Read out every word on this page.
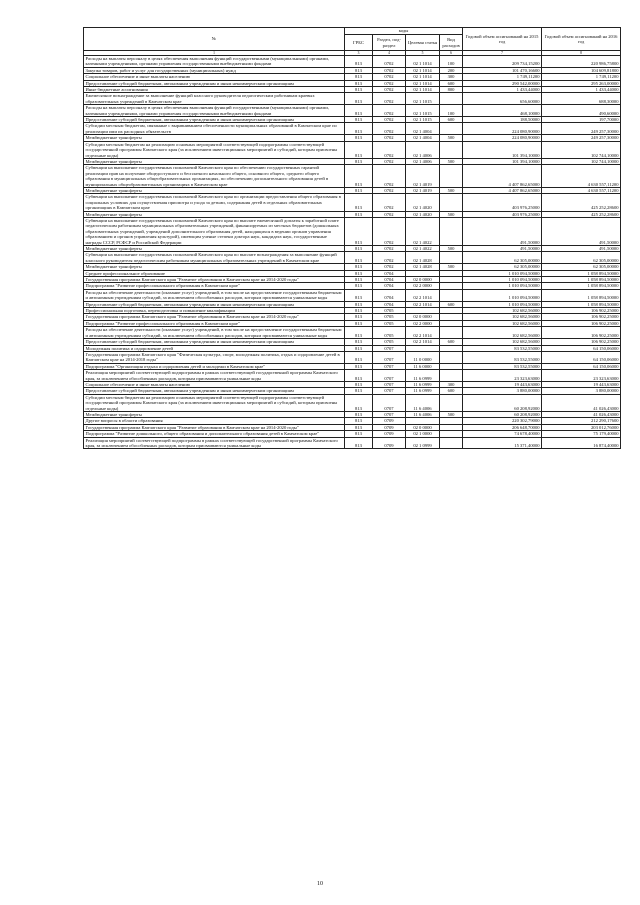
№	коды				Годовой объем ассигнований на 2015 год	Годовой объем ассигнований на 2016 год
	ГРБС	Раздел, под-раздел	Целевая статья	Вид расходов		
1	3	4	5	6	7	8
Расходы на выплаты персоналу в целях обеспечения выполнения функций государственными (муниципальными) органами, казенными учреждениями, органами управления государственными внебюджетными фондами	813	0702	02 1 1014	100	209 734,15200	220 986,75800
Закупка товаров, работ и услуг для государственных (муниципальных) нужд	813	0702	02 1 1014	200	101 470,16600	104 609,81800
Социальное обеспечение и иные выплаты населению	813	0702	02 1 1014	300	1 749,11200	1 749,11200
Предоставление субсидий бюджетным, автономным учреждениям и иным некоммерческим организациям	813	0702	02 1 1014	600	290 542,00000	295 263,00000
Иные бюджетные ассигнования	813	0702	02 1 1014	800	1 433,44000	1 433,44000
Ежемесячное вознаграждение за выполнение функций классного руководителя педагогическим работникам краевых образовательных учреждений в Камчатском крае	813	0702	02 1 1015		656,60000	688,30000
Расходы на выплаты персоналу в целях обеспечения выполнения функций государственными (муниципальными) органами, казенными учреждениями, органами управления государственными внебюджетными фондами	813	0702	02 1 1015	100	468,10000	490,60000
Предоставление субсидий бюджетным, автономным учреждениям и иным некоммерческим организациям	813	0702	02 1 1015	600	188,50000	197,70000
Субсидии местным бюджетам, связанные с выравниванием обеспеченности муниципальных образований в Камчатском крае по реализации ими их расходных обязательств	813	0702	02 1 4004		224 080,90000	249 257,30000
Межбюджетные трансферты	813	0702	02 1 4004	500	224 080,90000	249 257,30000
Субсидии местным бюджетам на реализацию основных мероприятий соответствующей подпрограммы соответствующей государственной программы Камчатского края (за исключением инвестиционных мероприятий и субсидий, которым присвоены отдельные коды)	813	0702	02 1 4006		101 394,10000	102 744,10000
Межбюджетные трансферты	813	0702	02 1 4006	500	101 394,10000	102 744,10000
Субвенции на выполнение государственных полномочий Камчатского края по обеспечению государственных гарантий реализации прав на получение общедоступного и бесплатного начального общего, основного общего, среднего общего образования в муниципальных общеобразовательных организациях, по обеспечению дополнительного образования детей в муниципальных общеобразовательных организациях в Камчатском крае	813	0702	02 1 4019		4 407 862,65000	4 630 557,11200
Межбюджетные трансферты	813	0702	02 1 4019	500	4 407 862,65000	4 630 557,11200
Субвенции на выполнение государственных полномочий Камчатского края по организации предоставления общего образования в социальных условиях для осуществления присмотра и ухода за детьми, содержания детей в отдельных образовательных организациях в Камчатском крае	813	0702	02 1 4020		403 976,25000	425 252,28600
Межбюджетные трансферты	813	0702	02 1 4020	500	403 976,25000	425 252,28600
Субвенции на выполнение государственных полномочий Камчатского края по выплате ежемесячной доплаты к заработной плате педагогическим работникам муниципальных образовательных учреждений, финансируемых из местных бюджетов (дошкольных образовательных учреждений, учреждений дополнительного образования детей, находящихся в ведении органов управления образованием и органов управления культурой), имеющим ученые степени доктора наук, кандидата наук, государственные награды СССР, РСФСР и Российской Федерации	813	0702	02 1 4022		491,50000	491,50000
Межбюджетные трансферты	813	0702	02 1 4022	500	491,50000	491,50000
Субвенции на выполнение государственных полномочий Камчатского края по выплате вознаграждения за выполнение функций классного руководителя педагогическим работникам муниципальных образовательных учреждений в Камчатском крае	813	0702	02 1 4028		62 305,00000	62 305,00000
Межбюджетные трансферты	813	0702	02 1 4028	500	62 305,00000	62 305,00000
Среднее профессиональное образование	813	0704			1 010 094,50000	1 058 894,50000
Государственная программа Камчатского края "Развитие образования в Камчатском крае на 2014-2020 годы"	813	0704	02 0 0000		1 010 094,50000	1 058 894,50000
Подпрограмма "Развитие профессионального образования в Камчатском крае"	813	0704	02 2 0000		1 010 094,50000	1 058 894,50000
Расходы на обеспечение деятельности (оказание услуг) учреждений, в том числе на предоставление государственным бюджетным и автономным учреждениям субсидий, за исключением обособленных расходов, которым присваиваются уникальные коды	813	0704	02 2 1014		1 010 094,50000	1 058 894,50000
Предоставление субсидий бюджетным, автономным учреждениям и иным некоммерческим организациям	813	0704	02 2 1014	600	1 010 094,50000	1 058 894,50000
Профессиональная подготовка, переподготовка и повышение квалификации	813	0705			102 682,56000	106 902,25000
Государственная программа Камчатского края "Развитие образования в Камчатском крае на 2014-2020 годы"	813	0705	02 0 0000		102 682,56000	106 902,25000
Подпрограмма "Развитие профессионального образования в Камчатском крае"	813	0705	02 2 0000		102 682,56000	106 902,25000
Расходы на обеспечение деятельности (оказание услуг) учреждений, в том числе на предоставление государственным бюджетным и автономным учреждениям субсидий, за исключением обособленных расходов, которым присваиваются уникальные коды	813	0705	02 2 1014		102 682,56000	106 902,25000
Предоставление субсидий бюджетным, автономным учреждениям и иным некоммерческим организациям	813	0705	02 2 1014	600	102 682,56000	106 902,25000
Молодежная политика и оздоровление детей	813	0707			83 532,55000	64 150,06000
Государственная программа Камчатского края "Физическая культура, спорт, молодежная политика, отдых и оздоровление детей в Камчатском крае на 2014-2018 годы"	813	0707	11 0 0000		83 532,55000	64 150,06000
Подпрограмма "Организация отдыха и оздоровления детей и молодежи в Камчатском крае"	813	0707	11 6 0000		83 532,55000	64 150,06000
Реализация мероприятий соответствующей подпрограммы в рамках соответствующей государственной программы Камчатского края, за исключением обособленных расходов, которым присваиваются уникальные коды	813	0707	11 6 0999		23 323,63000	23 323,63000
Социальное обеспечение и иные выплаты населению	813	0707	11 6 0999	300	19 443,63000	19 443,63000
Предоставление субсидий бюджетным, автономным учреждениям и иным некоммерческим организациям	813	0707	11 6 0999	600	3 880,00000	3 880,00000
Субсидии местным бюджетам на реализацию основных мероприятий соответствующей подпрограммы соответствующей государственной программы Камчатского края (за исключением инвестиционных мероприятий и субсидий, которым присвоены отдельные коды)	813	0707	11 6 4006		60 208,92000	41 026,43000
Межбюджетные трансферты	813	0707	11 6 4006	500	60 208,92000	41 026,43000
Другие вопросы в области образования	813	0709			220 302,79000	212 290,17600
Государственная программа Камчатского края "Развитие образования в Камчатском крае на 2014-2020 годы"	813	0709	02 0 0000		206 648,70000	203 012,76000
Подпрограмма "Развитие дошкольного, общего образования и дополнительного образования детей в Камчатском крае"	813	0709	02 1 0000		74 678,40000	75 179,40000
Реализация мероприятий соответствующей подпрограммы в рамках соответствующей государственной программы Камчатского края, за исключением обособленных расходов, которым присваиваются уникальные коды	813	0709	02 1 0999		15 371,40000	16 874,40000
10
